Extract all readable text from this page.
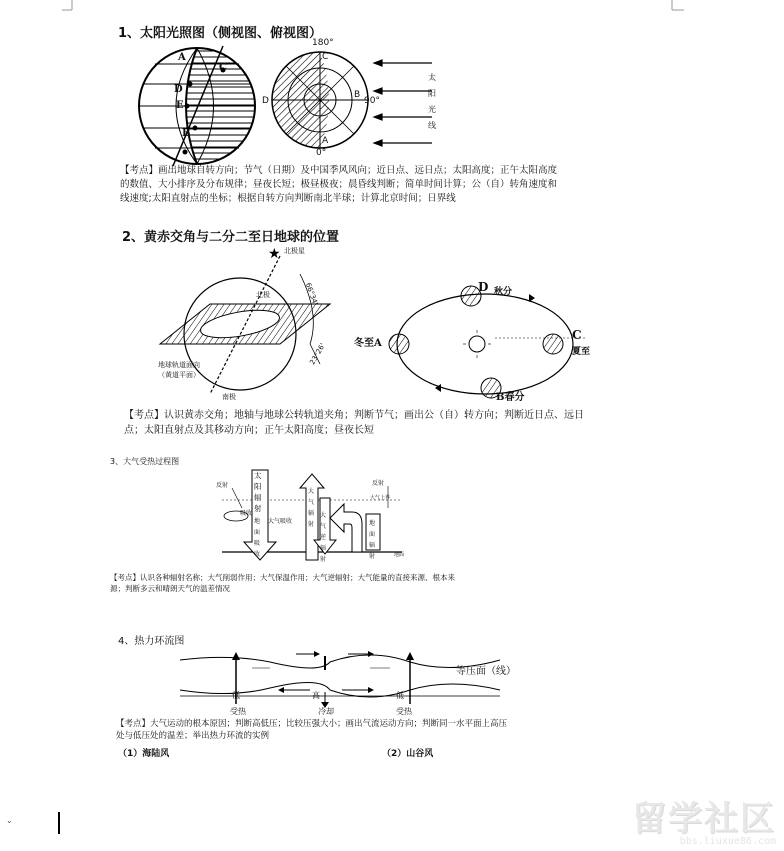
1、太阳光照图（侧视图、俯视图）
A
D
E
B
C
180°
0°
D
B
90°
C
A
太
阳
光
线
【考点】画出地球自转方向；节气（日期）及中国季风风向；近日点、远日点；太阳高度；正午太阳高度
的数值、大小排序及分布规律；昼夜长短；极昼极夜；晨昏线判断；简单时间计算；公（自）转角速度和
线速度;太阳直射点的坐标；根据自转方向判断南北半球；计算北京时间；日界线
2、黄赤交角与二分二至日地球的位置
★ 北极星
北极
南极
地球轨道面向
（黄道平面）
66°34'
23°26'	冬至A
B春分
C
夏至
D 秋分
【考点】认识黄赤交角；地轴与地球公转轨道夹角；判断节气；画出公（自）转方向；判断近日点、远日
点；太阳直射点及其移动方向；正午太阳高度；昼夜长短
3、大气受热过程图
太阳辐射
反射	反射
吸收
大气吸收
地面吸收
大气辐射
大气逆辐射
地面辐射
大气上界
地面
【考点】认识各种辐射名称；大气削弱作用；大气保温作用；大气逆辐射；大气能量的直接来源、根本来
源；判断多云和晴朗天气的温差情况
4、热力环流图
等压面（线）
低	高	低
受热	冷却	受热
【考点】大气运动的根本原因；判断高低压；比较压强大小；画出气流运动方向；判断同一水平面上高压
处与低压处的温差；举出热力环流的实例
（1）海陆风	（2）山谷风
⌄	留学社区
bbs.liuxue86.com
